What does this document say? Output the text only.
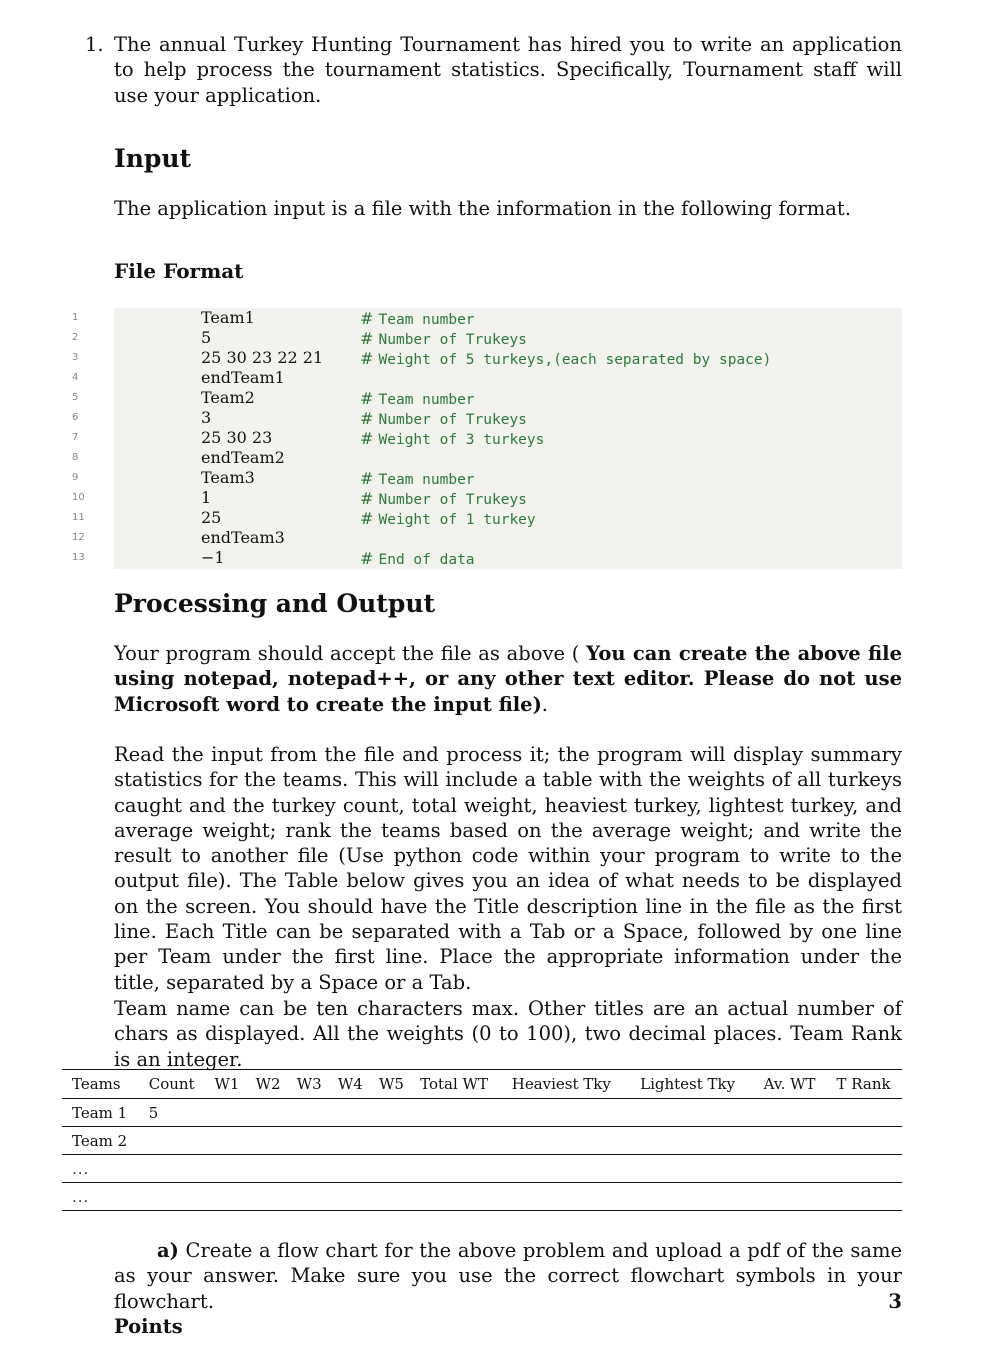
1. The annual Turkey Hunting Tournament has hired you to write an application to help process the tournament statistics. Specifically, Tournament staff will use your application.

Input

The application input is a file with the information in the following format.

File Format
1	Team1	# Team number
2	5	# Number of Trukeys
3	25 30 23 22 21 # Weight of 5 turkeys,(each separated by space)
4	endTeam1
5	Team2	# Team number
6	3	# Number of Trukeys
7	25 30 23	# Weight of 3 turkeys
8	endTeam2
9	Team3	# Team number
10	1	# Number of Trukeys
11	25	# Weight of 1 turkey
12	endTeam3
13	−1	# End of data
Processing and Output

Your program should accept the file as above ( You can create the above file using notepad, notepad++, or any other text editor. Please do not use Microsoft word to create the input file).

Read the input from the file and process it; the program will display summary statistics for the teams. This will include a table with the weights of all turkeys caught and the turkey count, total weight, heaviest turkey, lightest turkey, and average weight; rank the teams based on the average weight; and write the result to another file (Use python code within your program to write to the output file). The Table below gives you an idea of what needs to be displayed on the screen. You should have the Title description line in the file as the first line. Each Title can be separated with a Tab or a Space, followed by one line per Team under the first line. Place the appropriate information under the title, separated by a Space or a Tab.

Team name can be ten characters max. Other titles are an actual number of chars as displayed. All the weights (0 to 100), two decimal places. Team Rank is an integer.

Teams	Count	W1	W2	W3	W4	W5	Total WT	Heaviest Tky	Lightest Tky	Av. WT	T Rank
Team 1	5										
Team 2											
...											
...											

a) Create a flow chart for the above problem and upload a pdf of the same as your answer. Make sure you use the correct flowchart symbols in your flowchart.	3

Points
